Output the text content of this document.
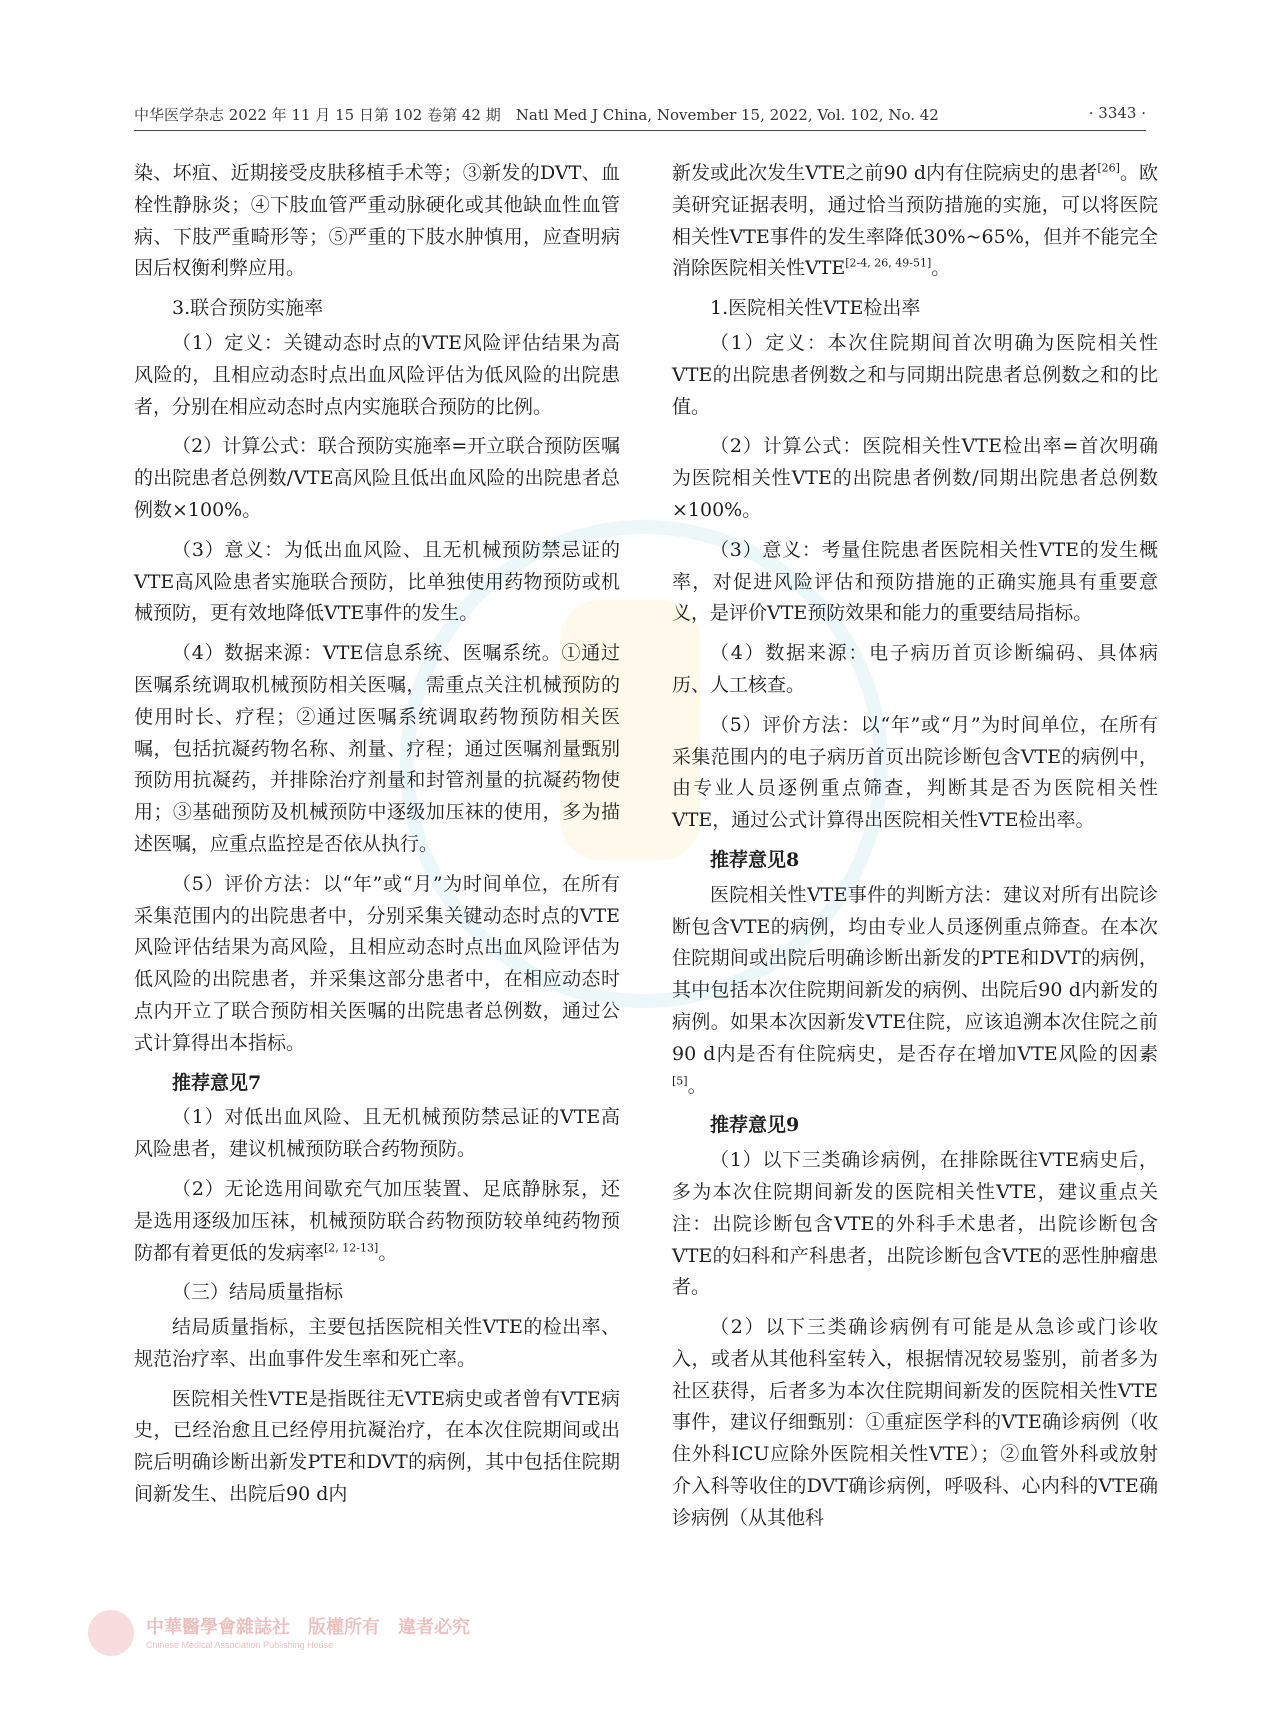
中华医学杂志 2022 年 11 月 15 日第 102 卷第 42 期　Natl Med J China, November 15, 2022, Vol. 102, No. 42	· 3343 ·

染、坏疽、近期接受皮肤移植手术等；③新发的DVT、血栓性静脉炎；④下肢血管严重动脉硬化或其他缺血性血管病、下肢严重畸形等；⑤严重的下肢水肿慎用，应查明病因后权衡利弊应用。

3.联合预防实施率

（1）定义：关键动态时点的VTE风险评估结果为高风险的，且相应动态时点出血风险评估为低风险的出院患者，分别在相应动态时点内实施联合预防的比例。

（2）计算公式：联合预防实施率=开立联合预防医嘱的出院患者总例数/VTE高风险且低出血风险的出院患者总例数×100%。

（3）意义：为低出血风险、且无机械预防禁忌证的VTE高风险患者实施联合预防，比单独使用药物预防或机械预防，更有效地降低VTE事件的发生。

（4）数据来源：VTE信息系统、医嘱系统。①通过医嘱系统调取机械预防相关医嘱，需重点关注机械预防的使用时长、疗程；②通过医嘱系统调取药物预防相关医嘱，包括抗凝药物名称、剂量、疗程；通过医嘱剂量甄别预防用抗凝药，并排除治疗剂量和封管剂量的抗凝药物使用；③基础预防及机械预防中逐级加压袜的使用，多为描述医嘱，应重点监控是否依从执行。

（5）评价方法：以“年”或“月”为时间单位，在所有采集范围内的出院患者中，分别采集关键动态时点的VTE风险评估结果为高风险，且相应动态时点出血风险评估为低风险的出院患者，并采集这部分患者中，在相应动态时点内开立了联合预防相关医嘱的出院患者总例数，通过公式计算得出本指标。

推荐意见7

（1）对低出血风险、且无机械预防禁忌证的VTE高风险患者，建议机械预防联合药物预防。

（2）无论选用间歇充气加压装置、足底静脉泵，还是选用逐级加压袜，机械预防联合药物预防较单纯药物预防都有着更低的发病率[2, 12-13]。

（三）结局质量指标

结局质量指标，主要包括医院相关性VTE的检出率、规范治疗率、出血事件发生率和死亡率。

医院相关性VTE是指既往无VTE病史或者曾有VTE病史，已经治愈且已经停用抗凝治疗，在本次住院期间或出院后明确诊断出新发PTE和DVT的病例，其中包括住院期间新发生、出院后90 d内

新发或此次发生VTE之前90 d内有住院病史的患者[26]。欧美研究证据表明，通过恰当预防措施的实施，可以将医院相关性VTE事件的发生率降低30%~65%，但并不能完全消除医院相关性VTE[2-4, 26, 49-51]。

1.医院相关性VTE检出率

（1）定义：本次住院期间首次明确为医院相关性VTE的出院患者例数之和与同期出院患者总例数之和的比值。

（2）计算公式：医院相关性VTE检出率=首次明确为医院相关性VTE的出院患者例数/同期出院患者总例数×100%。

（3）意义：考量住院患者医院相关性VTE的发生概率，对促进风险评估和预防措施的正确实施具有重要意义，是评价VTE预防效果和能力的重要结局指标。

（4）数据来源：电子病历首页诊断编码、具体病历、人工核查。

（5）评价方法：以“年”或“月”为时间单位，在所有采集范围内的电子病历首页出院诊断包含VTE的病例中，由专业人员逐例重点筛查，判断其是否为医院相关性VTE，通过公式计算得出医院相关性VTE检出率。

推荐意见8

医院相关性VTE事件的判断方法：建议对所有出院诊断包含VTE的病例，均由专业人员逐例重点筛查。在本次住院期间或出院后明确诊断出新发的PTE和DVT的病例，其中包括本次住院期间新发的病例、出院后90 d内新发的病例。如果本次因新发VTE住院，应该追溯本次住院之前90 d内是否有住院病史，是否存在增加VTE风险的因素[5]。

推荐意见9

（1）以下三类确诊病例，在排除既往VTE病史后，多为本次住院期间新发的医院相关性VTE，建议重点关注：出院诊断包含VTE的外科手术患者，出院诊断包含VTE的妇科和产科患者，出院诊断包含VTE的恶性肿瘤患者。

（2）以下三类确诊病例有可能是从急诊或门诊收入，或者从其他科室转入，根据情况较易鉴别，前者多为社区获得，后者多为本次住院期间新发的医院相关性VTE事件，建议仔细甄别：①重症医学科的VTE确诊病例（收住外科ICU应除外医院相关性VTE）；②血管外科或放射介入科等收住的DVT确诊病例，呼吸科、心内科的VTE确诊病例（从其他科

中華醫學會雜誌社　版權所有　違者必究
Chinese Medical Association Publishing House
